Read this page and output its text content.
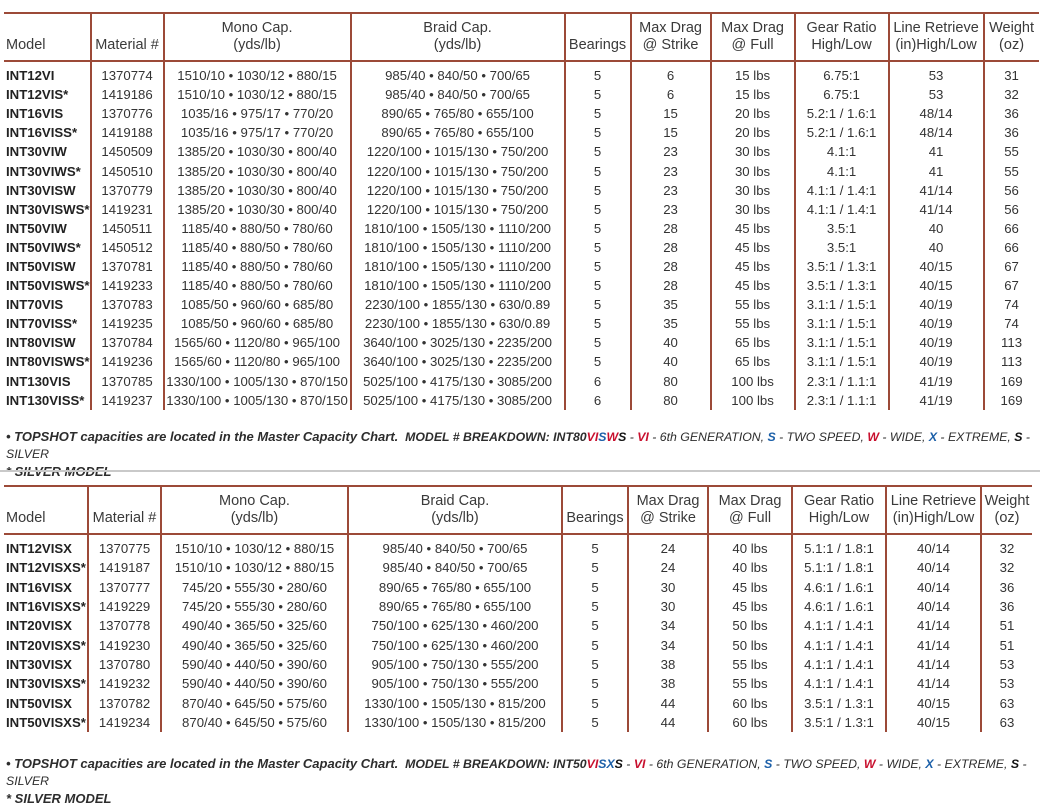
Model	Material #	Mono Cap.
(yds/lb)	Braid Cap.
(yds/lb)	Bearings	Max Drag
@ Strike	Max Drag
@ Full	Gear Ratio
High/Low	Line Retrieve
(in)High/Low	Weight
(oz)
INT12VI	1370774	1510/10 • 1030/12 • 880/15	985/40 • 840/50 • 700/65	5	6	15 lbs	6.75:1	53	31
INT12VIS*	1419186	1510/10 • 1030/12 • 880/15	985/40 • 840/50 • 700/65	5	6	15 lbs	6.75:1	53	32
INT16VIS	1370776	1035/16 • 975/17 • 770/20	890/65 • 765/80 • 655/100	5	15	20 lbs	5.2:1 / 1.6:1	48/14	36
INT16VISS*	1419188	1035/16 • 975/17 • 770/20	890/65 • 765/80 • 655/100	5	15	20 lbs	5.2:1 / 1.6:1	48/14	36
INT30VIW	1450509	1385/20 • 1030/30 • 800/40	1220/100 • 1015/130 • 750/200	5	23	30 lbs	4.1:1	41	55
INT30VIWS*	1450510	1385/20 • 1030/30 • 800/40	1220/100 • 1015/130 • 750/200	5	23	30 lbs	4.1:1	41	55
INT30VISW	1370779	1385/20 • 1030/30 • 800/40	1220/100 • 1015/130 • 750/200	5	23	30 lbs	4.1:1 / 1.4:1	41/14	56
INT30VISWS*	1419231	1385/20 • 1030/30 • 800/40	1220/100 • 1015/130 • 750/200	5	23	30 lbs	4.1:1 / 1.4:1	41/14	56
INT50VIW	1450511	1185/40 • 880/50 • 780/60	1810/100 • 1505/130 • 1110/200	5	28	45 lbs	3.5:1	40	66
INT50VIWS*	1450512	1185/40 • 880/50 • 780/60	1810/100 • 1505/130 • 1110/200	5	28	45 lbs	3.5:1	40	66
INT50VISW	1370781	1185/40 • 880/50 • 780/60	1810/100 • 1505/130 • 1110/200	5	28	45 lbs	3.5:1 / 1.3:1	40/15	67
INT50VISWS*	1419233	1185/40 • 880/50 • 780/60	1810/100 • 1505/130 • 1110/200	5	28	45 lbs	3.5:1 / 1.3:1	40/15	67
INT70VIS	1370783	1085/50 • 960/60 • 685/80	2230/100 • 1855/130 • 630/0.89	5	35	55 lbs	3.1:1 / 1.5:1	40/19	74
INT70VISS*	1419235	1085/50 • 960/60 • 685/80	2230/100 • 1855/130 • 630/0.89	5	35	55 lbs	3.1:1 / 1.5:1	40/19	74
INT80VISW	1370784	1565/60 • 1120/80 • 965/100	3640/100 • 3025/130 • 2235/200	5	40	65 lbs	3.1:1 / 1.5:1	40/19	113
INT80VISWS*	1419236	1565/60 • 1120/80 • 965/100	3640/100 • 3025/130 • 2235/200	5	40	65 lbs	3.1:1 / 1.5:1	40/19	113
INT130VIS	1370785	1330/100 • 1005/130 • 870/150	5025/100 • 4175/130 • 3085/200	6	80	100 lbs	2.3:1 / 1.1:1	41/19	169
INT130VISS*	1419237	1330/100 • 1005/130 • 870/150	5025/100 • 4175/130 • 3085/200	6	80	100 lbs	2.3:1 / 1.1:1	41/19	169
• TOPSHOT capacities are located in the Master Capacity Chart. MODEL # BREAKDOWN: INT80VISWS - VI - 6th GENERATION, S - TWO SPEED, W - WIDE, X - EXTREME, S - SILVER
Model	Material #	Mono Cap.
(yds/lb)	Braid Cap.
(yds/lb)	Bearings	Max Drag
@ Strike	Max Drag
@ Full	Gear Ratio
High/Low	Line Retrieve
(in)High/Low	Weight
(oz)
INT12VISX	1370775	1510/10 • 1030/12 • 880/15	985/40 • 840/50 • 700/65	5	24	40 lbs	5.1:1 / 1.8:1	40/14	32
INT12VISXS*	1419187	1510/10 • 1030/12 • 880/15	985/40 • 840/50 • 700/65	5	24	40 lbs	5.1:1 / 1.8:1	40/14	32
INT16VISX	1370777	745/20 • 555/30 • 280/60	890/65 • 765/80 • 655/100	5	30	45 lbs	4.6:1 / 1.6:1	40/14	36
INT16VISXS*	1419229	745/20 • 555/30 • 280/60	890/65 • 765/80 • 655/100	5	30	45 lbs	4.6:1 / 1.6:1	40/14	36
INT20VISX	1370778	490/40 • 365/50 • 325/60	750/100 • 625/130 • 460/200	5	34	50 lbs	4.1:1 / 1.4:1	41/14	51
INT20VISXS*	1419230	490/40 • 365/50 • 325/60	750/100 • 625/130 • 460/200	5	34	50 lbs	4.1:1 / 1.4:1	41/14	51
INT30VISX	1370780	590/40 • 440/50 • 390/60	905/100 • 750/130 • 555/200	5	38	55 lbs	4.1:1 / 1.4:1	41/14	53
INT30VISXS*	1419232	590/40 • 440/50 • 390/60	905/100 • 750/130 • 555/200	5	38	55 lbs	4.1:1 / 1.4:1	41/14	53
INT50VISX	1370782	870/40 • 645/50 • 575/60	1330/100 • 1505/130 • 815/200	5	44	60 lbs	3.5:1 / 1.3:1	40/15	63
INT50VISXS*	1419234	870/40 • 645/50 • 575/60	1330/100 • 1505/130 • 815/200	5	44	60 lbs	3.5:1 / 1.3:1	40/15	63
• TOPSHOT capacities are located in the Master Capacity Chart. MODEL # BREAKDOWN: INT50VISXS - VI - 6th GENERATION, S - TWO SPEED, W - WIDE, X - EXTREME, S - SILVER
* SILVER MODEL
